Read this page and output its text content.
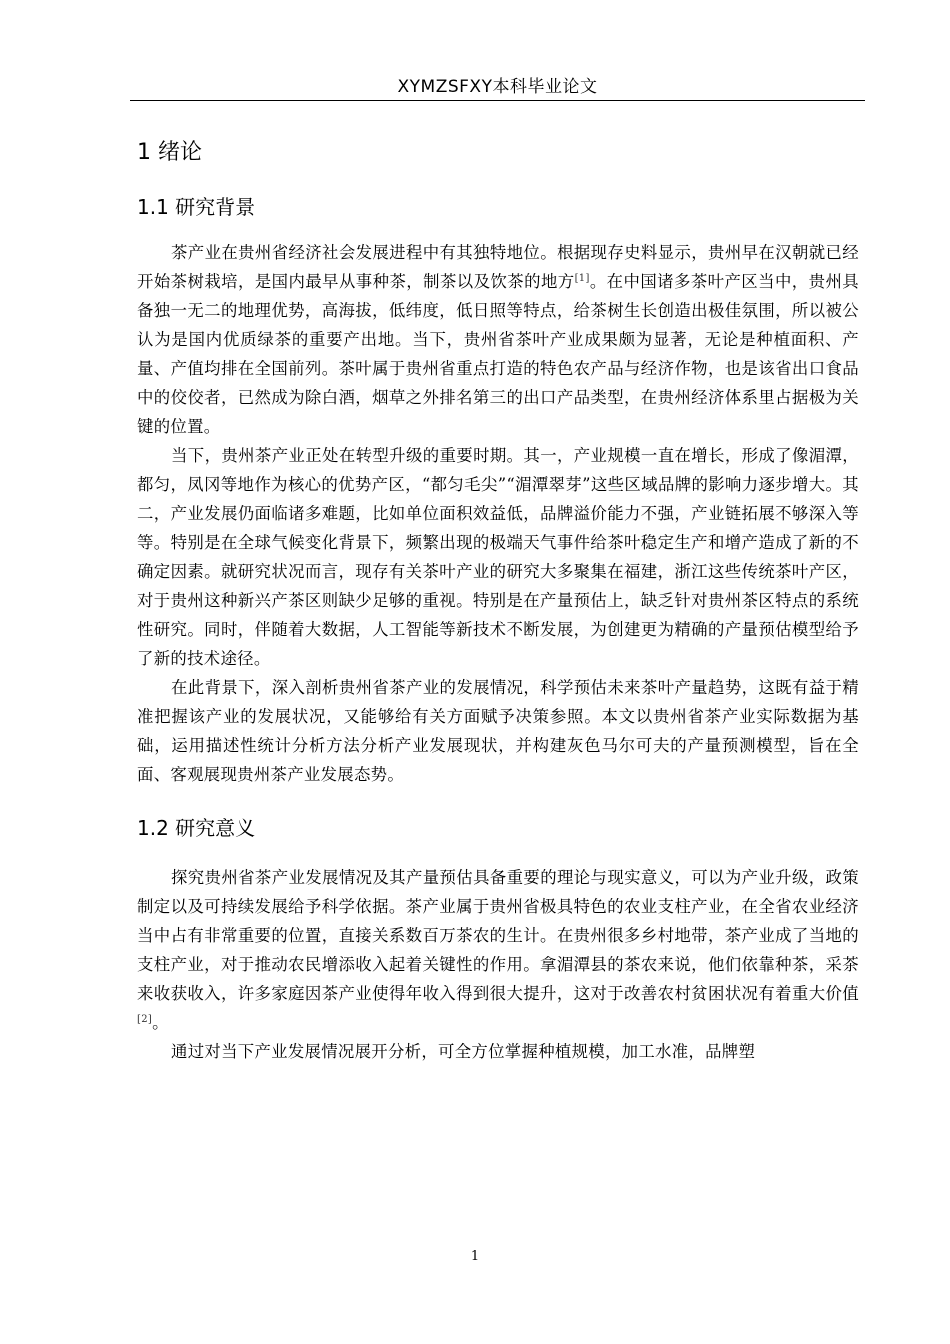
XYMZSFXY本科毕业论文
1 绪论
1.1 研究背景

茶产业在贵州省经济社会发展进程中有其独特地位。根据现存史料显示，贵州早在汉朝就已经开始茶树栽培，是国内最早从事种茶，制茶以及饮茶的地方[1]。在中国诸多茶叶产区当中，贵州具备独一无二的地理优势，高海拔，低纬度，低日照等特点，给茶树生长创造出极佳氛围，所以被公认为是国内优质绿茶的重要产出地。当下，贵州省茶叶产业成果颇为显著，无论是种植面积、产量、产值均排在全国前列。茶叶属于贵州省重点打造的特色农产品与经济作物，也是该省出口食品中的佼佼者，已然成为除白酒，烟草之外排名第三的出口产品类型，在贵州经济体系里占据极为关键的位置。

当下，贵州茶产业正处在转型升级的重要时期。其一，产业规模一直在增长，形成了像湄潭，都匀，凤冈等地作为核心的优势产区，“都匀毛尖”“湄潭翠芽”这些区域品牌的影响力逐步增大。其二，产业发展仍面临诸多难题，比如单位面积效益低，品牌溢价能力不强，产业链拓展不够深入等等。特别是在全球气候变化背景下，频繁出现的极端天气事件给茶叶稳定生产和增产造成了新的不确定因素。就研究状况而言，现存有关茶叶产业的研究大多聚集在福建，浙江这些传统茶叶产区，对于贵州这种新兴产茶区则缺少足够的重视。特别是在产量预估上，缺乏针对贵州茶区特点的系统性研究。同时，伴随着大数据，人工智能等新技术不断发展，为创建更为精确的产量预估模型给予了新的技术途径。

在此背景下，深入剖析贵州省茶产业的发展情况，科学预估未来茶叶产量趋势，这既有益于精准把握该产业的发展状况，又能够给有关方面赋予决策参照。本文以贵州省茶产业实际数据为基础，运用描述性统计分析方法分析产业发展现状，并构建灰色马尔可夫的产量预测模型，旨在全面、客观展现贵州茶产业发展态势。

1.2 研究意义

探究贵州省茶产业发展情况及其产量预估具备重要的理论与现实意义，可以为产业升级，政策制定以及可持续发展给予科学依据。茶产业属于贵州省极具特色的农业支柱产业，在全省农业经济当中占有非常重要的位置，直接关系数百万茶农的生计。在贵州很多乡村地带，茶产业成了当地的支柱产业，对于推动农民增添收入起着关键性的作用。拿湄潭县的茶农来说，他们依靠种茶，采茶来收获收入，许多家庭因茶产业使得年收入得到很大提升，这对于改善农村贫困状况有着重大价值[2]。

通过对当下产业发展情况展开分析，可全方位掌握种植规模，加工水准，品牌塑

1
